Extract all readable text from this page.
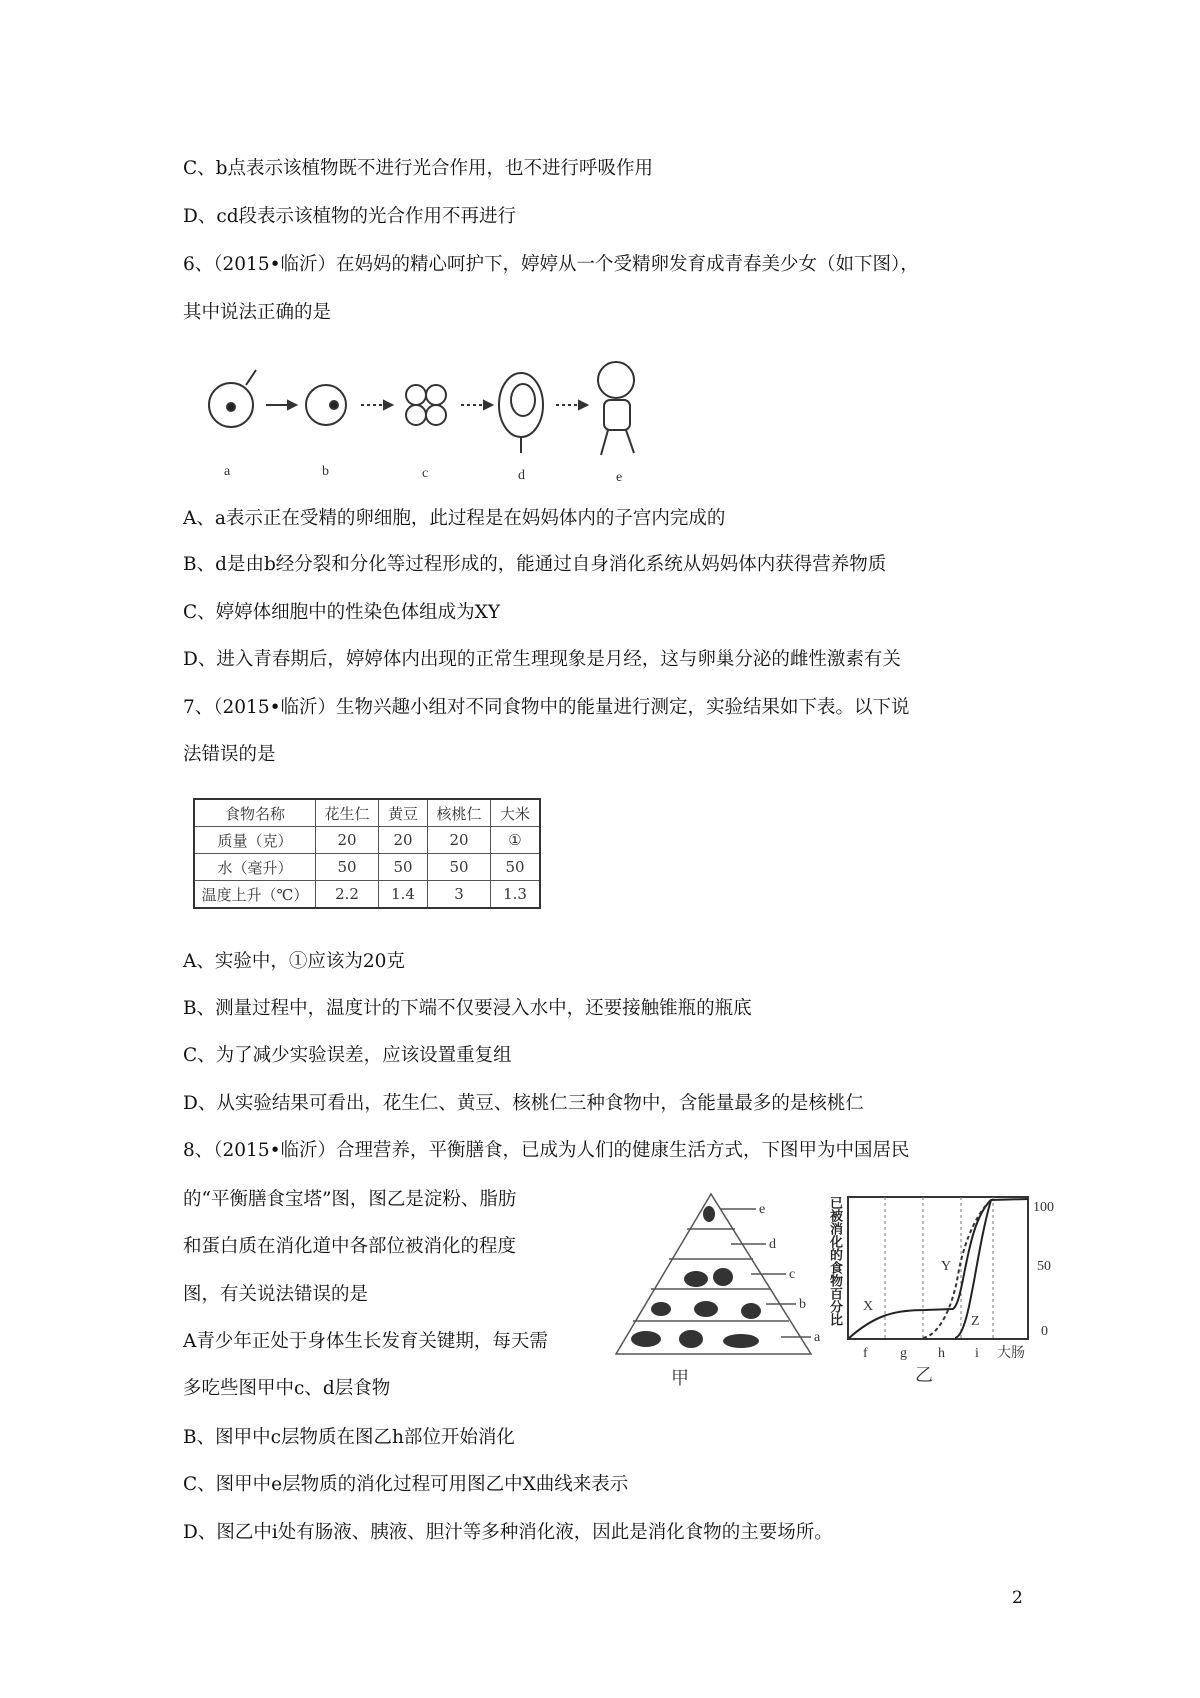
C、b点表示该植物既不进行光合作用，也不进行呼吸作用
D、cd段表示该植物的光合作用不再进行
6、（2015•临沂）在妈妈的精心呵护下，婷婷从一个受精卵发育成青春美少女（如下图），
其中说法正确的是
a	b	c	d	e
A、a表示正在受精的卵细胞，此过程是在妈妈体内的子宫内完成的
B、d是由b经分裂和分化等过程形成的，能通过自身消化系统从妈妈体内获得营养物质
C、婷婷体细胞中的性染色体组成为XY
D、进入青春期后，婷婷体内出现的正常生理现象是月经，这与卵巢分泌的雌性激素有关
7、（2015•临沂）生物兴趣小组对不同食物中的能量进行测定，实验结果如下表。以下说
法错误的是
食物名称	花生仁	黄豆	核桃仁	大米
质量（克）	20	20	20	①
水（毫升）	50	50	50	50
温度上升（℃）	2.2	1.4	3	1.3
A、实验中，①应该为20克
B、测量过程中，温度计的下端不仅要浸入水中，还要接触锥瓶的瓶底
C、为了减少实验误差，应该设置重复组
D、从实验结果可看出，花生仁、黄豆、核桃仁三种食物中，含能量最多的是核桃仁
8、（2015•临沂）合理营养，平衡膳食，已成为人们的健康生活方式，下图甲为中国居民
的“平衡膳食宝塔”图，图乙是淀粉、脂肪
和蛋白质在消化道中各部位被消化的程度
图，有关说法错误的是
A青少年正处于身体生长发育关键期，每天需
多吃些图甲中c、d层食物
e
d
c
b
a
甲
X
Y
Z
100
50
0
f g h i 大肠
乙
已被消化的食物百分比
B、图甲中c层物质在图乙h部位开始消化
C、图甲中e层物质的消化过程可用图乙中X曲线来表示
D、图乙中i处有肠液、胰液、胆汁等多种消化液，因此是消化食物的主要场所。
2
